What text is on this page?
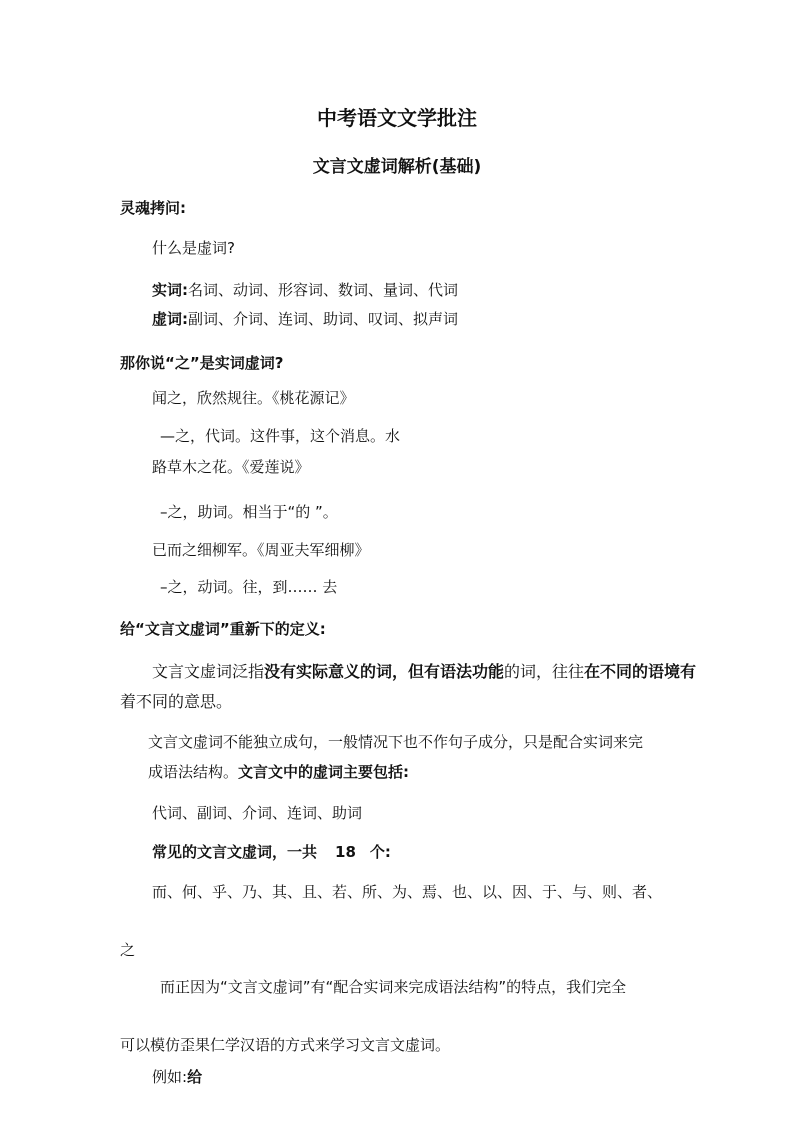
中考语文文学批注
文言文虚词解析(基础)
灵魂拷问:
什么是虚词?
实词:名词、动词、形容词、数词、量词、代词
虚词:副词、介词、连词、助词、叹词、拟声词
那你说“之”是实词虚词?
闻之，欣然规往。《桃花源记》
—之，代词。这件事，这个消息。水
路草木之花。《爱莲说》
–之，助词。相当于“的 ”。
已而之细柳军。《周亚夫军细柳》
–之，动词。往，到…… 去
给“文言文虚词”重新下的定义:
文言文虚词泛指没有实际意义的词，但有语法功能的词，往往在不同的语境有
着不同的意思。
文言文虚词不能独立成句，一般情况下也不作句子成分，只是配合实词来完
成语法结构。文言文中的虚词主要包括:
代词、副词、介词、连词、助词
常见的文言文虚词，一共 18 个:
而、何、乎、乃、其、且、若、所、为、焉、也、以、因、于、与、则、者、
之
而正因为“文言文虚词”有“配合实词来完成语法结构”的特点，我们完全
可以模仿歪果仁学汉语的方式来学习文言文虚词。
例如:给
